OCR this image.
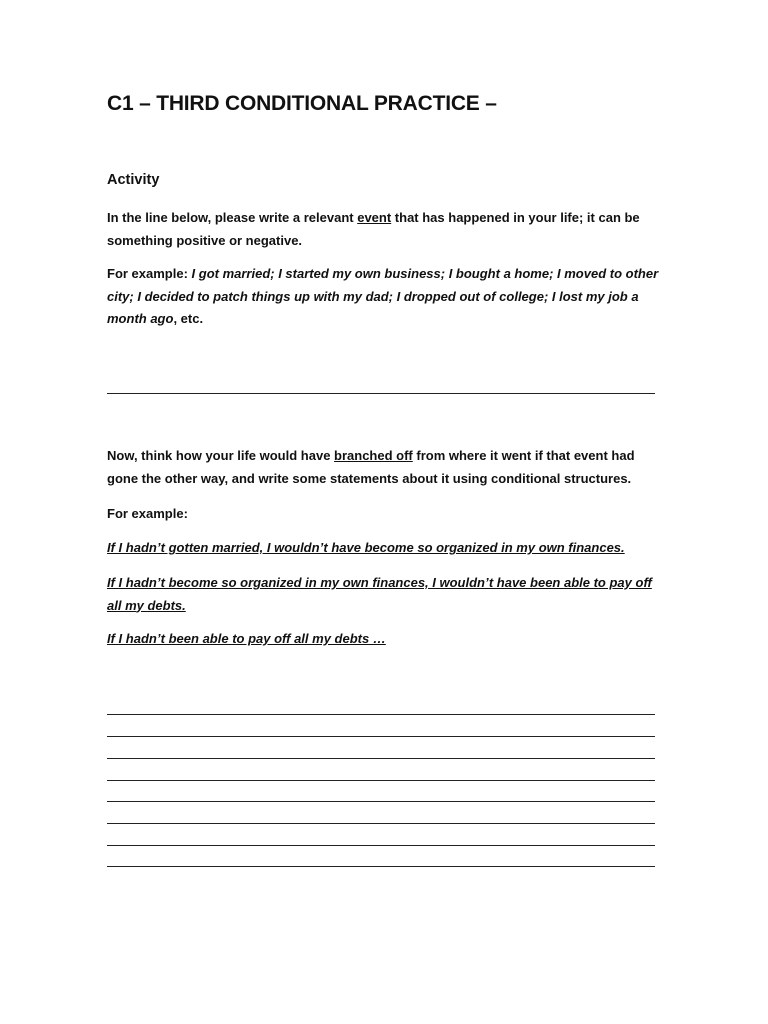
C1 – THIRD CONDITIONAL PRACTICE –
Activity

In the line below, please write a relevant event that has happened in your life; it can be something positive or negative.

For example: I got married; I started my own business; I bought a home; I moved to other city; I decided to patch things up with my dad; I dropped out of college; I lost my job a month ago, etc.

Now, think how your life would have branched off from where it went if that event had gone the other way, and write some statements about it using conditional structures.

For example:

If I hadn’t gotten married, I wouldn’t have become so organized in my own finances.

If I hadn’t become so organized in my own finances, I wouldn’t have been able to pay off all my debts.

If I hadn’t been able to pay off all my debts …
